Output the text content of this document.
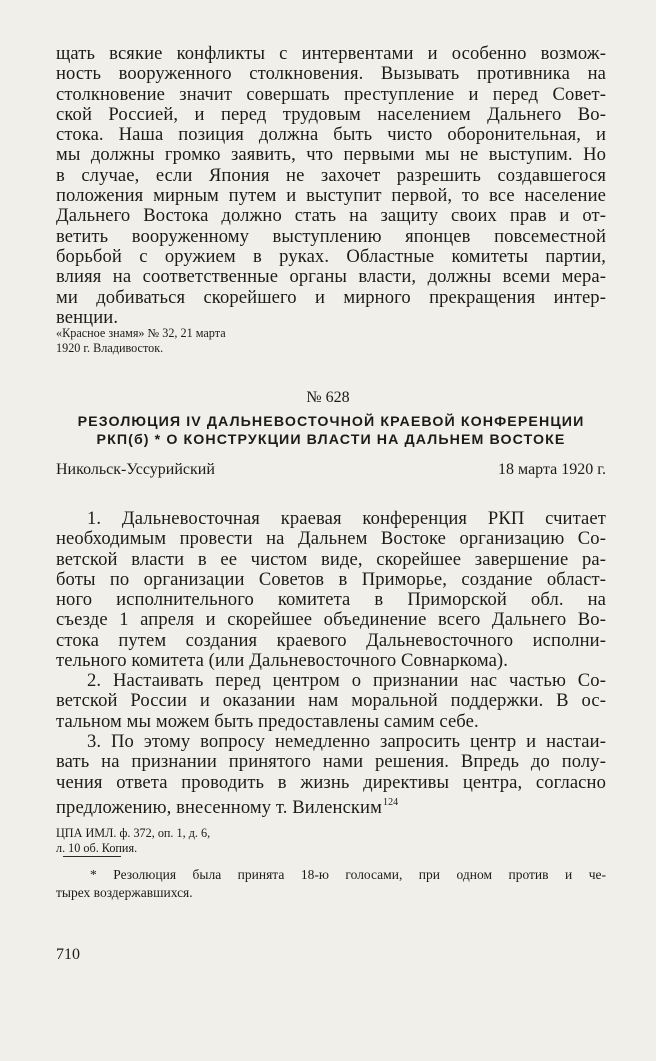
щать всякие конфликты с интервентами и особенно возмож-
ность вооруженного столкновения. Вызывать противника на
столкновение значит совершать преступление и перед Совет-
ской Россией, и перед трудовым населением Дальнего Во-
стока. Наша позиция должна быть чисто оборонительная, и
мы должны громко заявить, что первыми мы не выступим. Но
в случае, если Япония не захочет разрешить создавшегося
положения мирным путем и выступит первой, то все население
Дальнего Востока должно стать на защиту своих прав и от-
ветить вооруженному выступлению японцев повсеместной
борьбой с оружием в руках. Областные комитеты партии,
влияя на соответственные органы власти, должны всеми мера-
ми добиваться скорейшего и мирного прекращения интер-
венции.
«Красное знамя» № 32, 21 марта
1920 г. Владивосток.
№ 628
РЕЗОЛЮЦИЯ IV ДАЛЬНЕВОСТОЧНОЙ КРАЕВОЙ КОНФЕРЕНЦИИ
РКП(б) * О КОНСТРУКЦИИ ВЛАСТИ НА ДАЛЬНЕМ ВОСТОКЕ
Никольск-Уссурийский	18 марта 1920 г.
1. Дальневосточная краевая конференция РКП считает
необходимым провести на Дальнем Востоке организацию Со-
ветской власти в ее чистом виде, скорейшее завершение ра-
боты по организации Советов в Приморье, создание област-
ного исполнительного комитета в Приморской обл. на
съезде 1 апреля и скорейшее объединение всего Дальнего Во-
стока путем создания краевого Дальневосточного исполни-
тельного комитета (или Дальневосточного Совнаркома).
2. Настаивать перед центром о признании нас частью Со-
ветской России и оказании нам моральной поддержки. В ос-
тальном мы можем быть предоставлены самим себе.
3. По этому вопросу немедленно запросить центр и настаи-
вать на признании принятого нами решения. Впредь до полу-
чения ответа проводить в жизнь директивы центра, согласно
предложению, внесенному т. Виленским$^{124}$
ЦПА ИМЛ. ф. 372, оп. 1, д. 6,
л. 10 об. Копия.
* Резолюция была принята 18-ю голосами, при одном против и че-
тырех воздержавшихся.
710
